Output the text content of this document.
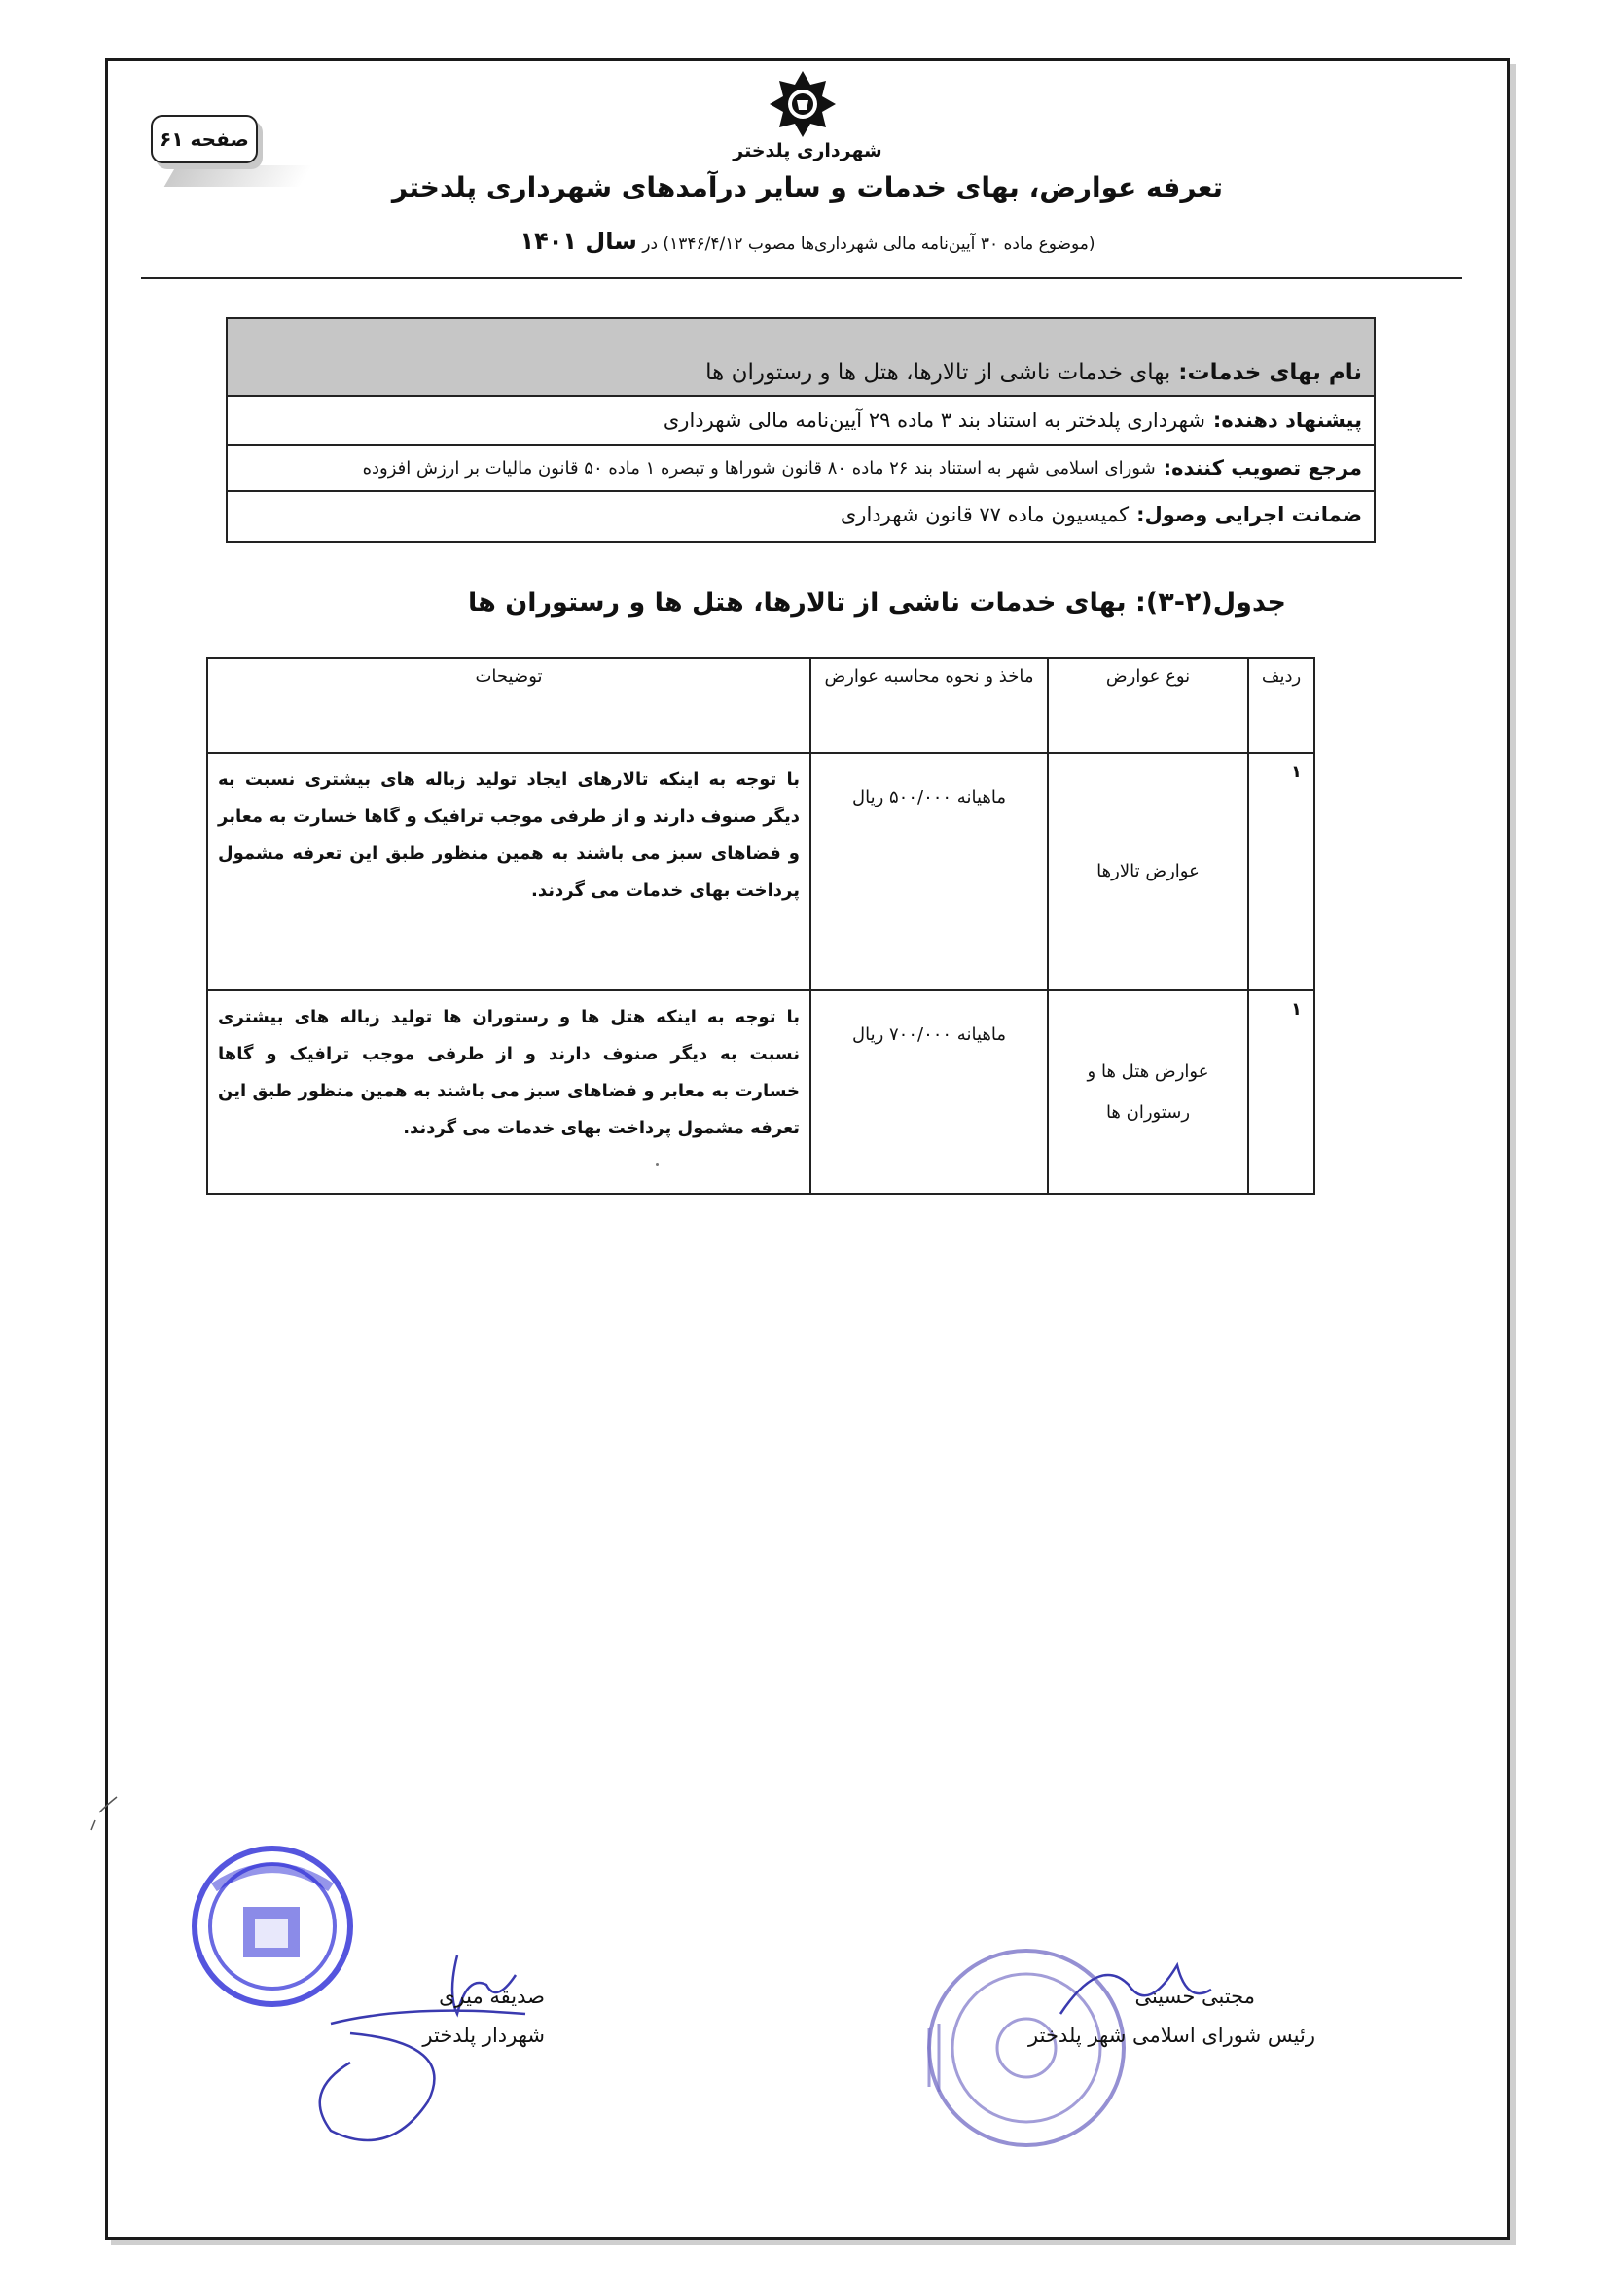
صفحه ۶۱	شهرداری پلدختر
تعرفه عوارض، بهای خدمات و سایر درآمدهای شهرداری پلدختر
(موضوع ماده ۳۰ آیین‌نامه مالی شهرداری‌ها مصوب ۱۳۴۶/۴/۱۲) در سال ۱۴۰۱
نام بهای خدمات:
بهای خدمات ناشی از تالارها، هتل ها و رستوران ها
پیشنهاد دهنده:
شهرداری پلدختر به استناد بند ۳ ماده ۲۹ آیین‌نامه مالی شهرداری
مرجع تصویب کننده:
شورای اسلامی شهر به استناد بند ۲۶ ماده ۸۰ قانون شوراها و تبصره ۱ ماده ۵۰ قانون مالیات بر ارزش افزوده
ضمانت اجرایی وصول:
کمیسیون ماده ۷۷ قانون شهرداری
جدول(۲-۳): بهای خدمات ناشی از تالارها، هتل ها و رستوران ها
ردیف	نوع عوارض	ماخذ و نحوه محاسبه عوارض	توضیحات
۱	عوارض تالارها	ماهیانه ۵۰۰/۰۰۰ ریال	با توجه به اینکه تالارهای ایجاد تولید زباله های بیشتری نسبت به دیگر صنوف دارند و از طرفی موجب ترافیک و گاها خسارت به معابر و فضاهای سبز می باشند به همین منظور طبق این تعرفه مشمول پرداخت بهای خدمات می گردند.
۱	عوارض هتل ها و رستوران ها	ماهیانه ۷۰۰/۰۰۰ ریال	با توجه به اینکه هتل ها و رستوران ها تولید زباله های بیشتری نسبت به دیگر صنوف دارند و از طرفی موجب ترافیک و گاها خسارت به معابر و فضاهای سبز می باشند به همین منظور طبق این تعرفه مشمول پرداخت بهای خدمات می گردند.
صدیقه میری
شهردار پلدختر
مجتبی حسینی
رئیس شورای اسلامی شهر پلدختر
